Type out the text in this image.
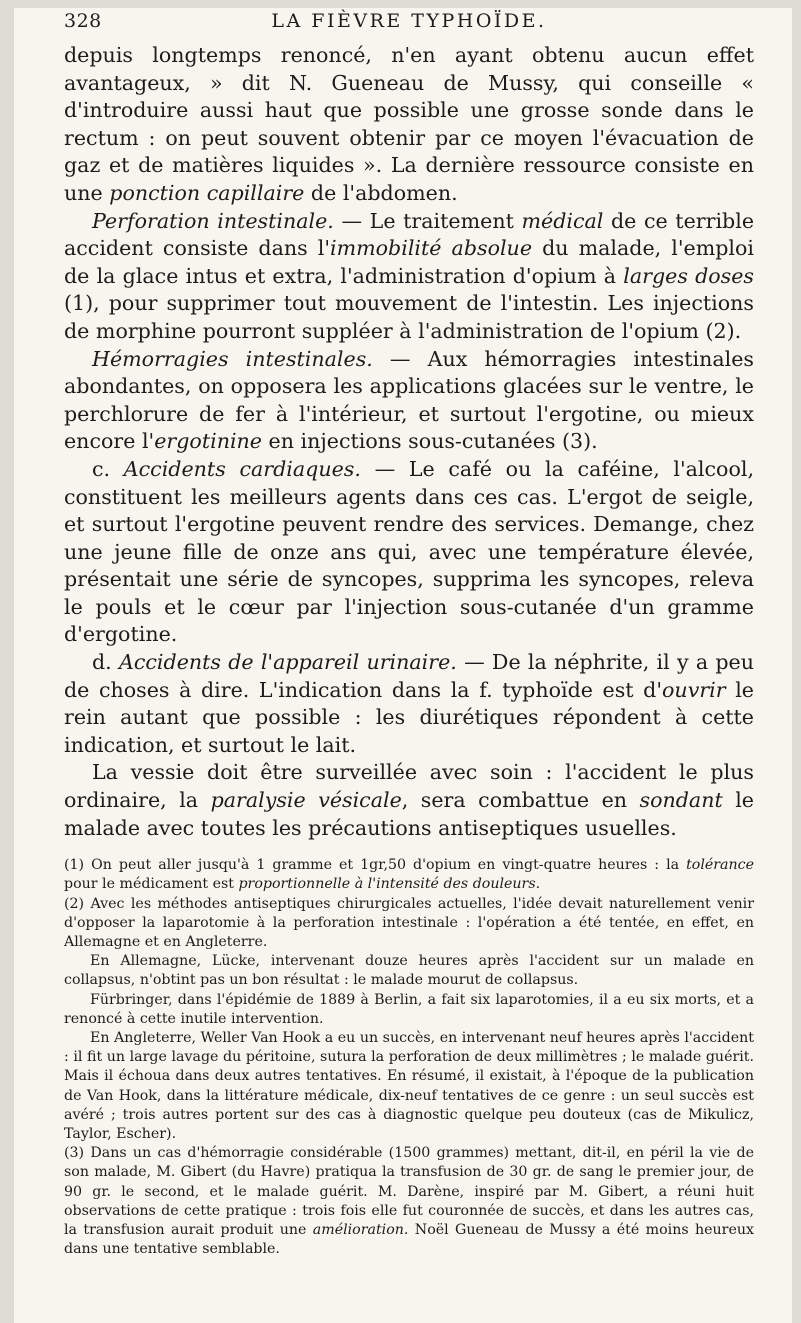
328	LA FIÈVRE TYPHOÏDE.

depuis longtemps renoncé, n'en ayant obtenu aucun effet avantageux, » dit N. Gueneau de Mussy, qui conseille « d'introduire aussi haut que possible une grosse sonde dans le rectum : on peut souvent obtenir par ce moyen l'évacuation de gaz et de matières liquides ». La dernière ressource consiste en une ponction capillaire de l'abdomen.

Perforation intestinale. — Le traitement médical de ce terrible accident consiste dans l'immobilité absolue du malade, l'emploi de la glace intus et extra, l'administration d'opium à larges doses (1), pour supprimer tout mouvement de l'intestin. Les injections de morphine pourront suppléer à l'administration de l'opium (2).

Hémorragies intestinales. — Aux hémorragies intestinales abondantes, on opposera les applications glacées sur le ventre, le perchlorure de fer à l'intérieur, et surtout l'ergotine, ou mieux encore l'ergotinine en injections sous-cutanées (3).

c. Accidents cardiaques. — Le café ou la caféine, l'alcool, constituent les meilleurs agents dans ces cas. L'ergot de seigle, et surtout l'ergotine peuvent rendre des services. Demange, chez une jeune fille de onze ans qui, avec une température élevée, présentait une série de syncopes, supprima les syncopes, releva le pouls et le cœur par l'injection sous-cutanée d'un gramme d'ergotine.

d. Accidents de l'appareil urinaire. — De la néphrite, il y a peu de choses à dire. L'indication dans la f. typhoïde est d'ouvrir le rein autant que possible : les diurétiques répondent à cette indication, et surtout le lait.

La vessie doit être surveillée avec soin : l'accident le plus ordinaire, la paralysie vésicale, sera combattue en sondant le malade avec toutes les précautions antiseptiques usuelles.

(1) On peut aller jusqu'à 1 gramme et 1gr,50 d'opium en vingt-quatre heures : la tolérance pour le médicament est proportionnelle à l'intensité des douleurs.

(2) Avec les méthodes antiseptiques chirurgicales actuelles, l'idée devait naturellement venir d'opposer la laparotomie à la perforation intestinale : l'opération a été tentée, en effet, en Allemagne et en Angleterre.

En Allemagne, Lücke, intervenant douze heures après l'accident sur un malade en collapsus, n'obtint pas un bon résultat : le malade mourut de collapsus.

Fürbringer, dans l'épidémie de 1889 à Berlin, a fait six laparotomies, il a eu six morts, et a renoncé à cette inutile intervention.

En Angleterre, Weller Van Hook a eu un succès, en intervenant neuf heures après l'accident : il fit un large lavage du péritoine, sutura la perforation de deux millimètres ; le malade guérit. Mais il échoua dans deux autres tentatives. En résumé, il existait, à l'époque de la publication de Van Hook, dans la littérature médicale, dix-neuf tentatives de ce genre : un seul succès est avéré ; trois autres portent sur des cas à diagnostic quelque peu douteux (cas de Mikulicz, Taylor, Escher).

(3) Dans un cas d'hémorragie considérable (1500 grammes) mettant, dit-il, en péril la vie de son malade, M. Gibert (du Havre) pratiqua la transfusion de 30 gr. de sang le premier jour, de 90 gr. le second, et le malade guérit. M. Darène, inspiré par M. Gibert, a réuni huit observations de cette pratique : trois fois elle fut couronnée de succès, et dans les autres cas, la transfusion aurait produit une amélioration. Noël Gueneau de Mussy a été moins heureux dans une tentative semblable.
